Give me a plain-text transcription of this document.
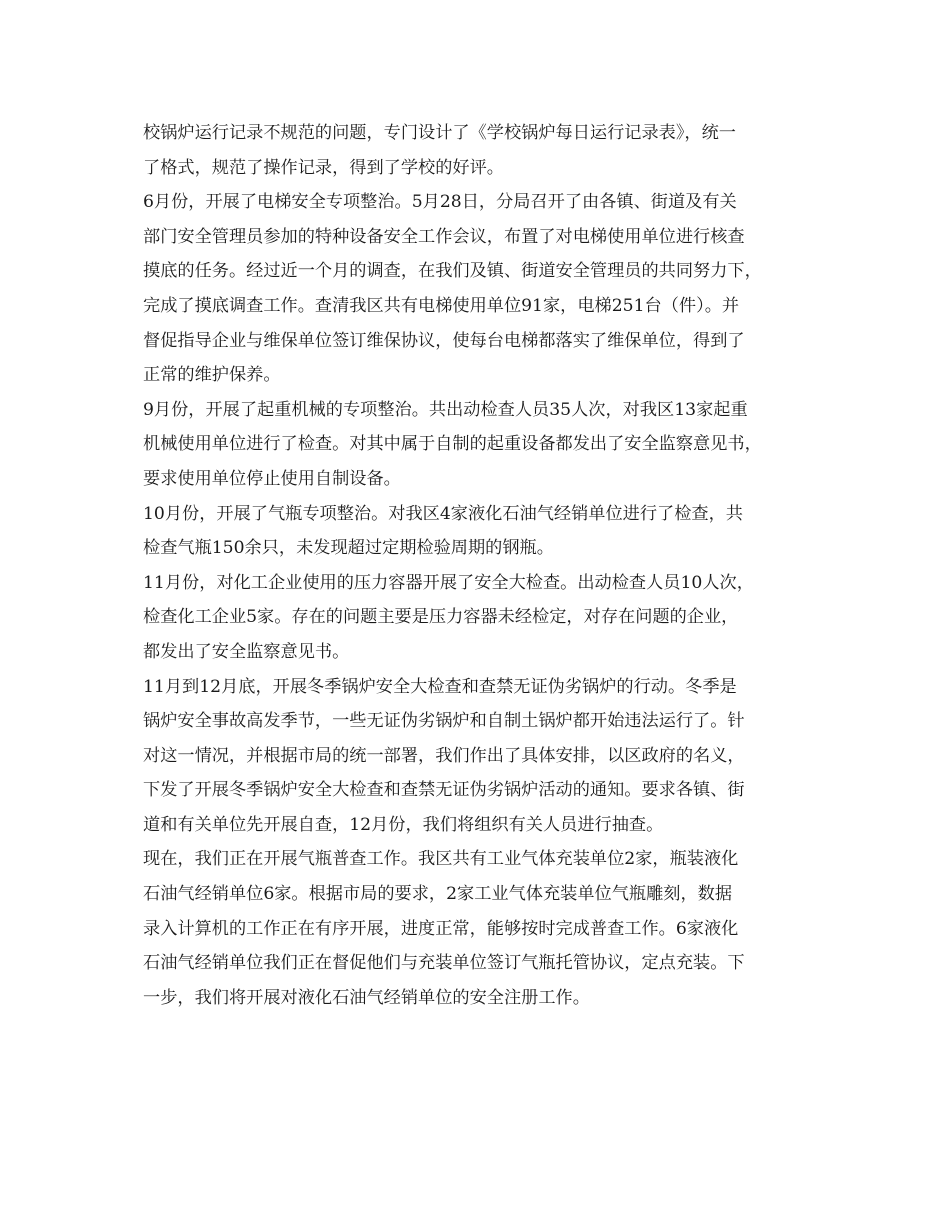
校锅炉运行记录不规范的问题，专门设计了《学校锅炉每日运行记录表》，统一

了格式，规范了操作记录，得到了学校的好评。

6月份，开展了电梯安全专项整治。5月28日，分局召开了由各镇、街道及有关

部门安全管理员参加的特种设备安全工作会议，布置了对电梯使用单位进行核查

摸底的任务。经过近一个月的调查，在我们及镇、街道安全管理员的共同努力下，

完成了摸底调查工作。查清我区共有电梯使用单位91家，电梯251台（件）。并

督促指导企业与维保单位签订维保协议，使每台电梯都落实了维保单位，得到了

正常的维护保养。

9月份，开展了起重机械的专项整治。共出动检查人员35人次，对我区13家起重

机械使用单位进行了检查。对其中属于自制的起重设备都发出了安全监察意见书，

要求使用单位停止使用自制设备。

10月份，开展了气瓶专项整治。对我区4家液化石油气经销单位进行了检查，共

检查气瓶150余只，未发现超过定期检验周期的钢瓶。

11月份，对化工企业使用的压力容器开展了安全大检查。出动检查人员10人次，

检查化工企业5家。存在的问题主要是压力容器未经检定，对存在问题的企业，

都发出了安全监察意见书。

11月到12月底，开展冬季锅炉安全大检查和查禁无证伪劣锅炉的行动。冬季是

锅炉安全事故高发季节，一些无证伪劣锅炉和自制土锅炉都开始违法运行了。针

对这一情况，并根据市局的统一部署，我们作出了具体安排，以区政府的名义，

下发了开展冬季锅炉安全大检查和查禁无证伪劣锅炉活动的通知。要求各镇、街

道和有关单位先开展自查，12月份，我们将组织有关人员进行抽查。

现在，我们正在开展气瓶普查工作。我区共有工业气体充装单位2家，瓶装液化

石油气经销单位6家。根据市局的要求，2家工业气体充装单位气瓶雕刻，数据

录入计算机的工作正在有序开展，进度正常，能够按时完成普查工作。6家液化

石油气经销单位我们正在督促他们与充装单位签订气瓶托管协议，定点充装。下

一步，我们将开展对液化石油气经销单位的安全注册工作。
